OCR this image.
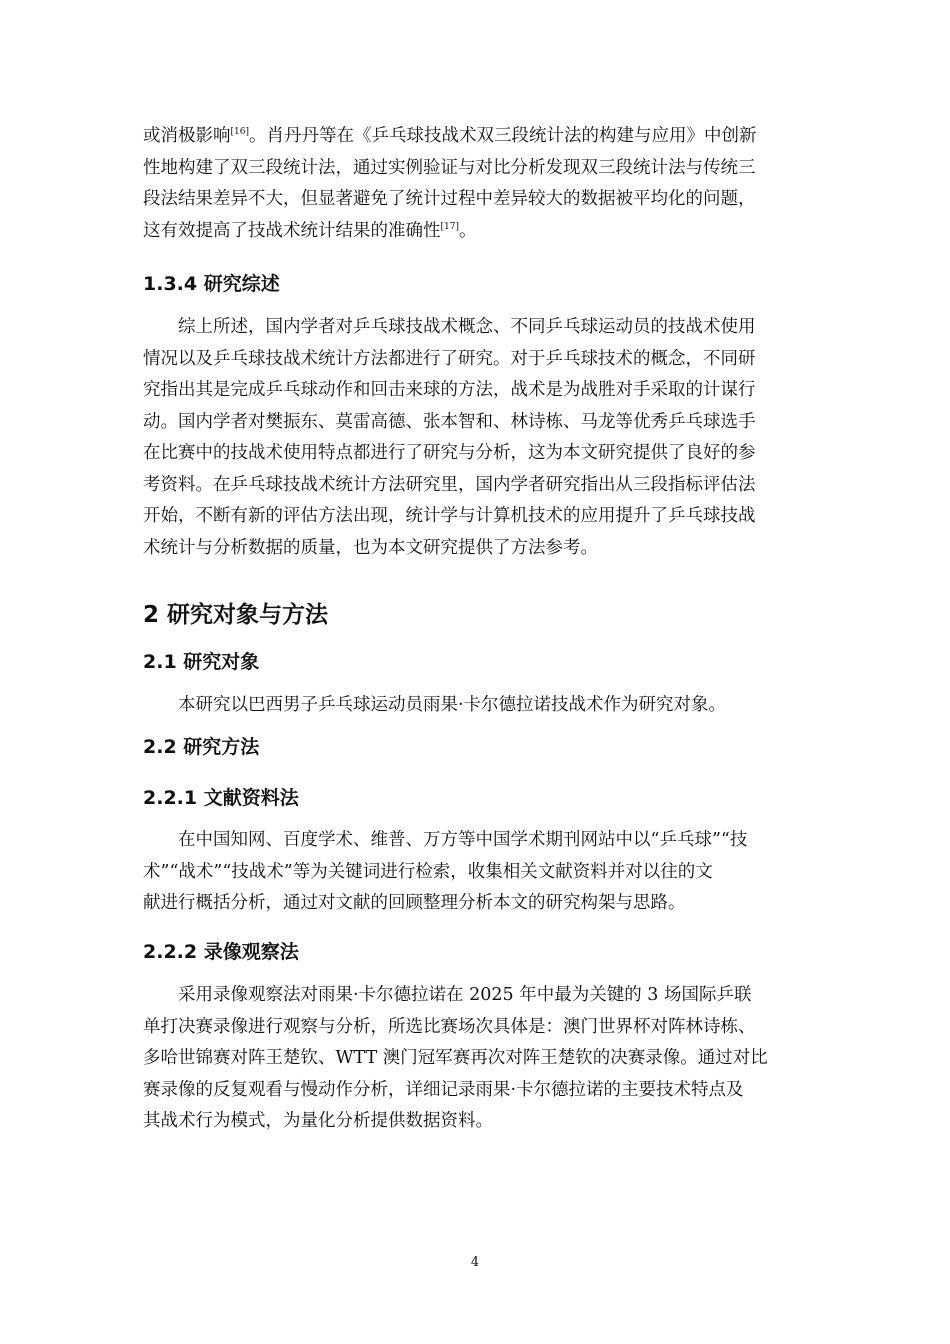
或消极影响[16]。肖丹丹等在《乒乓球技战术双三段统计法的构建与应用》中创新
性地构建了双三段统计法，通过实例验证与对比分析发现双三段统计法与传统三
段法结果差异不大，但显著避免了统计过程中差异较大的数据被平均化的问题，
这有效提高了技战术统计结果的准确性[17]。

1.3.4 研究综述

综上所述，国内学者对乒乓球技战术概念、不同乒乓球运动员的技战术使用
情况以及乒乓球技战术统计方法都进行了研究。对于乒乓球技术的概念，不同研
究指出其是完成乒乓球动作和回击来球的方法，战术是为战胜对手采取的计谋行
动。国内学者对樊振东、莫雷高德、张本智和、林诗栋、马龙等优秀乒乓球选手
在比赛中的技战术使用特点都进行了研究与分析，这为本文研究提供了良好的参
考资料。在乒乓球技战术统计方法研究里，国内学者研究指出从三段指标评估法
开始，不断有新的评估方法出现，统计学与计算机技术的应用提升了乒乓球技战
术统计与分析数据的质量，也为本文研究提供了方法参考。

2 研究对象与方法
2.1 研究对象

本研究以巴西男子乒乓球运动员雨果·卡尔德拉诺技战术作为研究对象。

2.2 研究方法
2.2.1 文献资料法

在中国知网、百度学术、维普、万方等中国学术期刊网站中以“乒乓球”“技
术”“战术”“技战术”等为关键词进行检索，收集相关文献资料并对以往的文
献进行概括分析，通过对文献的回顾整理分析本文的研究构架与思路。

2.2.2 录像观察法

采用录像观察法对雨果·卡尔德拉诺在 2025 年中最为关键的 3 场国际乒联
单打决赛录像进行观察与分析，所选比赛场次具体是：澳门世界杯对阵林诗栋、
多哈世锦赛对阵王楚钦、WTT 澳门冠军赛再次对阵王楚钦的决赛录像。通过对比
赛录像的反复观看与慢动作分析，详细记录雨果·卡尔德拉诺的主要技术特点及
其战术行为模式，为量化分析提供数据资料。

4
